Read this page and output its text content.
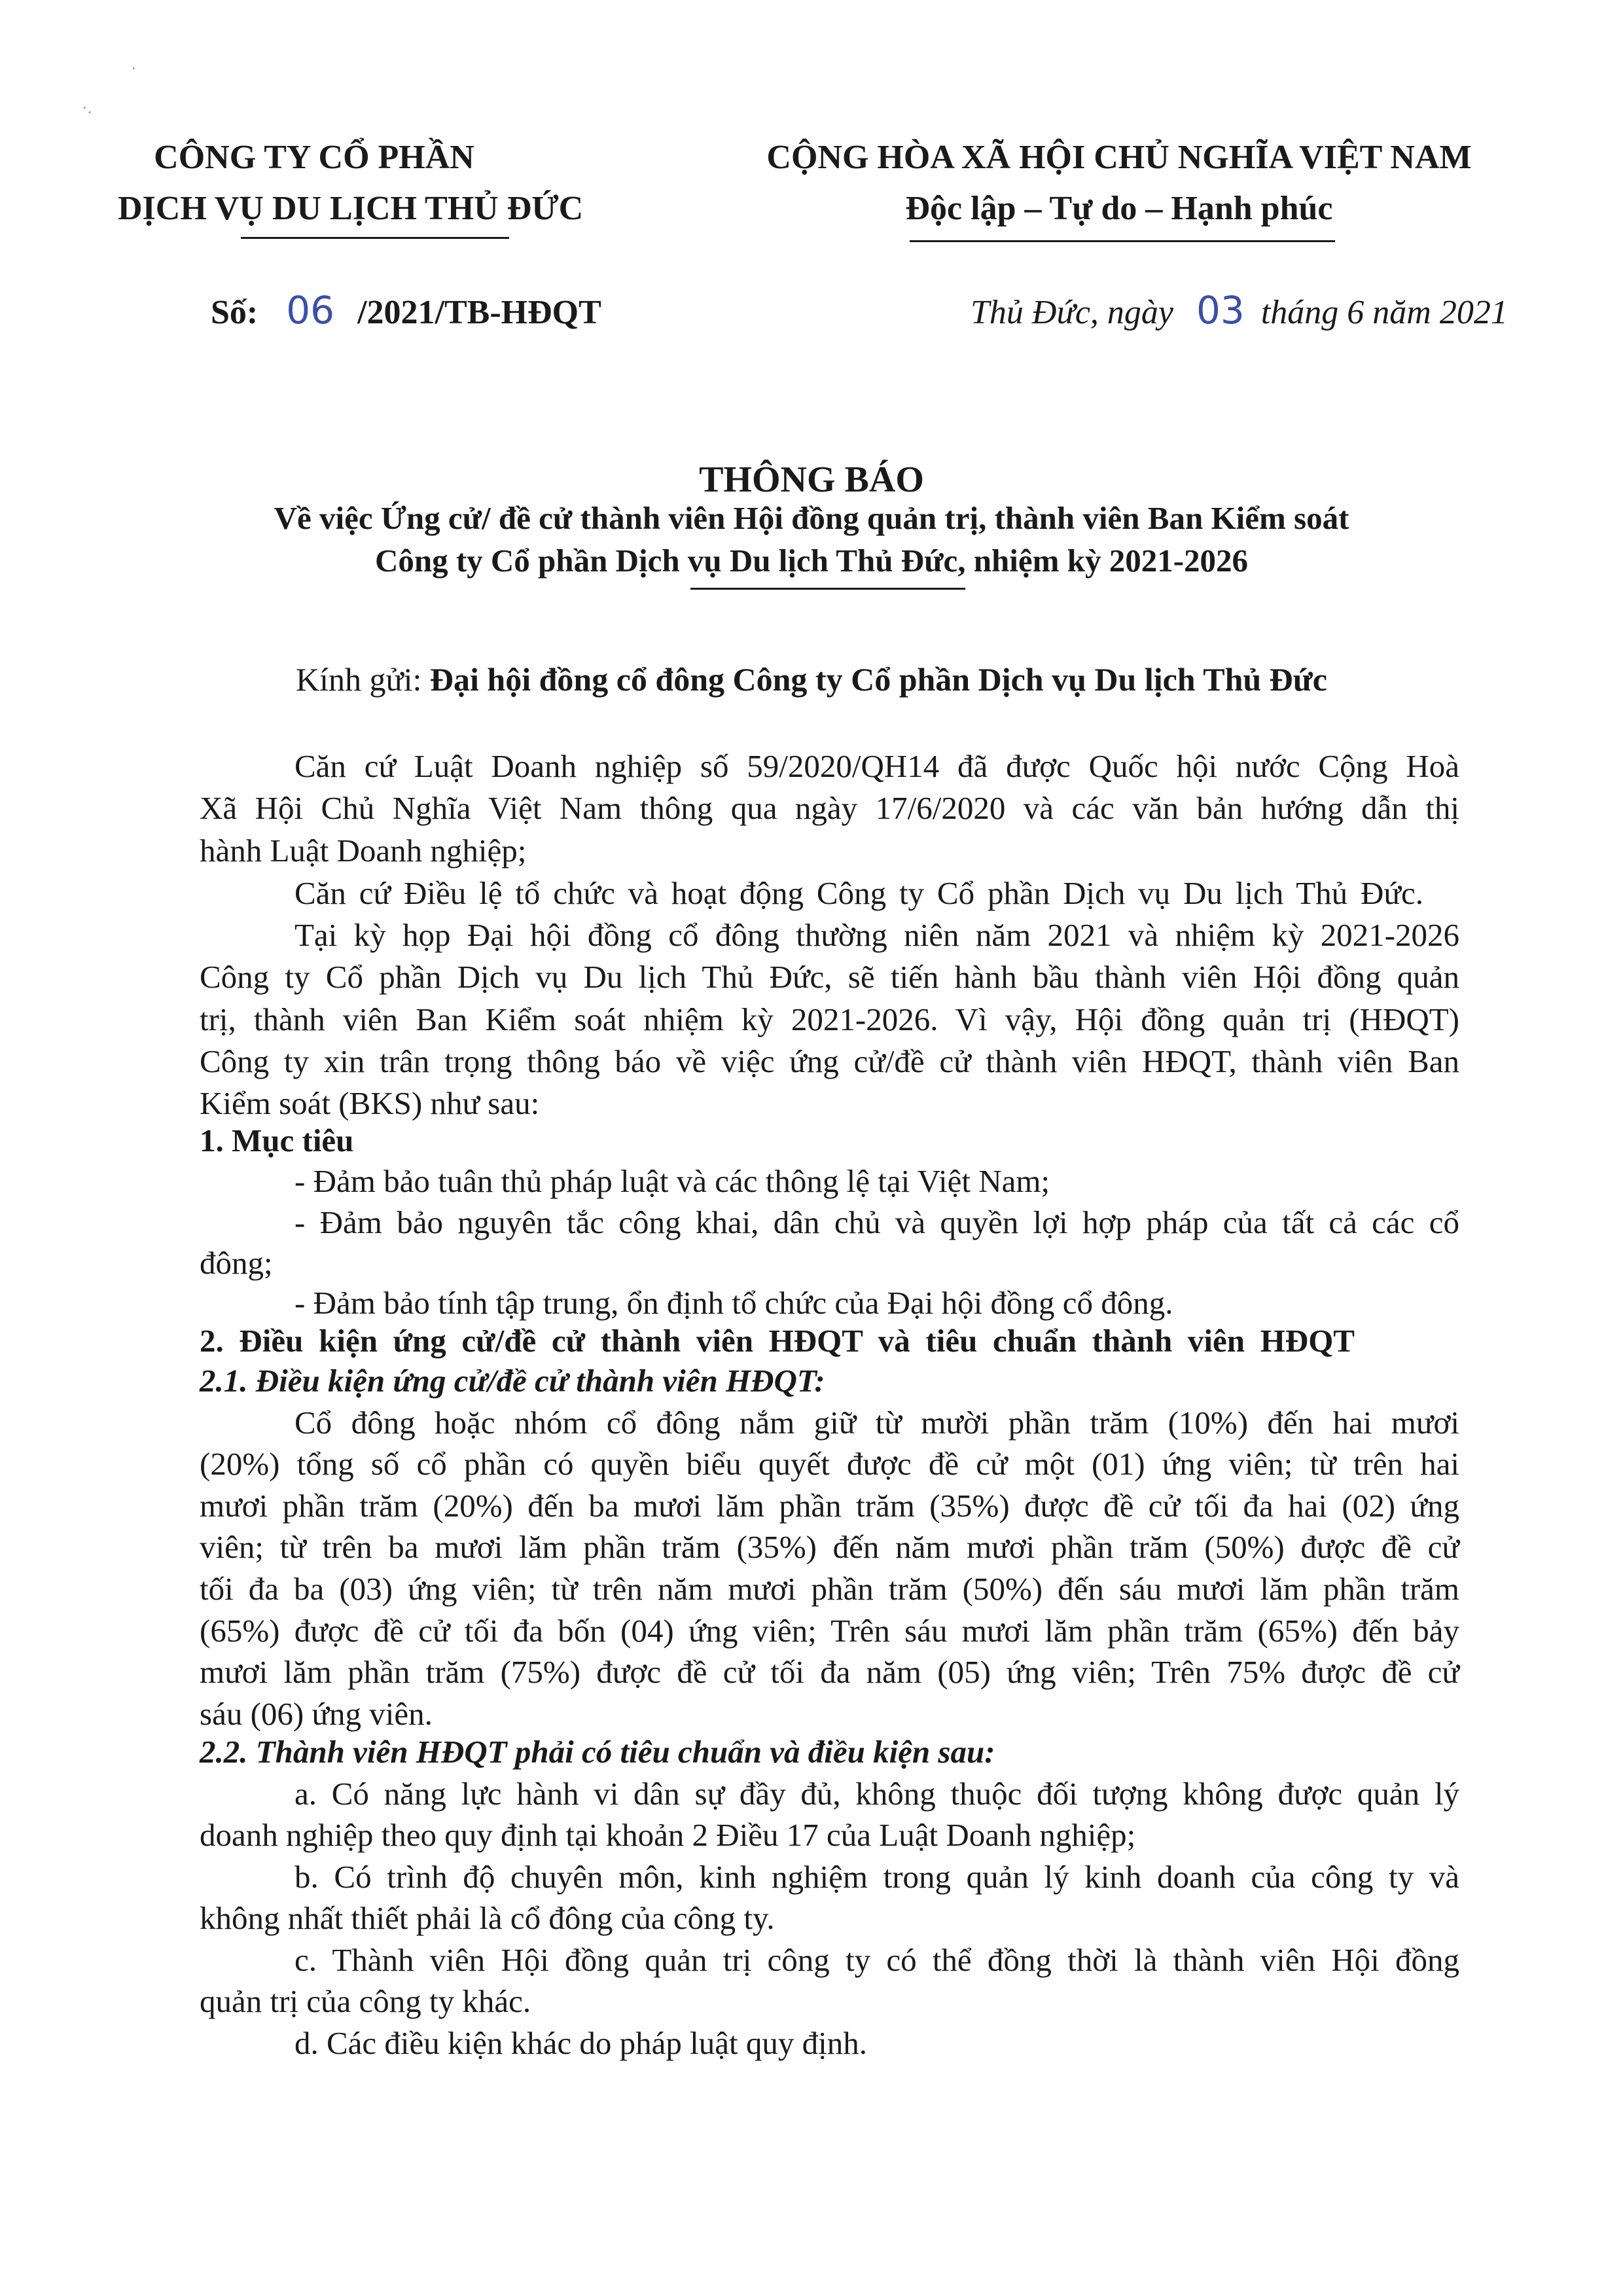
·
·.
CÔNG TY CỔ PHẦN
DỊCH VỤ DU LỊCH THỦ ĐỨC
CỘNG HÒA XÃ HỘI CHỦ NGHĨA VIỆT NAM
Độc lập – Tự do – Hạnh phúc
Số: 06 /2021/TB-HĐQT	Thủ Đức, ngày 03 tháng 6 năm 2021
THÔNG BÁO
Về việc Ứng cử/ đề cử thành viên Hội đồng quản trị, thành viên Ban Kiểm soát
Công ty Cổ phần Dịch vụ Du lịch Thủ Đức, nhiệm kỳ 2021-2026
Kính gửi: Đại hội đồng cổ đông Công ty Cổ phần Dịch vụ Du lịch Thủ Đức
Căn cứ Luật Doanh nghiệp số 59/2020/QH14 đã được Quốc hội nước Cộng Hoà
Xã Hội Chủ Nghĩa Việt Nam thông qua ngày 17/6/2020 và các văn bản hướng dẫn thị
hành Luật Doanh nghiệp;
Căn cứ Điều lệ tổ chức và hoạt động Công ty Cổ phần Dịch vụ Du lịch Thủ Đức.
Tại kỳ họp Đại hội đồng cổ đông thường niên năm 2021 và nhiệm kỳ 2021-2026
Công ty Cổ phần Dịch vụ Du lịch Thủ Đức, sẽ tiến hành bầu thành viên Hội đồng quản
trị, thành viên Ban Kiểm soát nhiệm kỳ 2021-2026. Vì vậy, Hội đồng quản trị (HĐQT)
Công ty xin trân trọng thông báo về việc ứng cử/đề cử thành viên HĐQT, thành viên Ban
Kiểm soát (BKS) như sau:
1. Mục tiêu
- Đảm bảo tuân thủ pháp luật và các thông lệ tại Việt Nam;
- Đảm bảo nguyên tắc công khai, dân chủ và quyền lợi hợp pháp của tất cả các cổ
đông;
- Đảm bảo tính tập trung, ổn định tổ chức của Đại hội đồng cổ đông.
2. Điều kiện ứng cử/đề cử thành viên HĐQT và tiêu chuẩn thành viên HĐQT
2.1. Điều kiện ứng cử/đề cử thành viên HĐQT:
Cổ đông hoặc nhóm cổ đông nắm giữ từ mười phần trăm (10%) đến hai mươi
(20%) tổng số cổ phần có quyền biểu quyết được đề cử một (01) ứng viên; từ trên hai
mươi phần trăm (20%) đến ba mươi lăm phần trăm (35%) được đề cử tối đa hai (02) ứng
viên; từ trên ba mươi lăm phần trăm (35%) đến năm mươi phần trăm (50%) được đề cử
tối đa ba (03) ứng viên; từ trên năm mươi phần trăm (50%) đến sáu mươi lăm phần trăm
(65%) được đề cử tối đa bốn (04) ứng viên; Trên sáu mươi lăm phần trăm (65%) đến bảy
mươi lăm phần trăm (75%) được đề cử tối đa năm (05) ứng viên; Trên 75% được đề cử
sáu (06) ứng viên.
2.2. Thành viên HĐQT phải có tiêu chuẩn và điều kiện sau:
a. Có năng lực hành vi dân sự đầy đủ, không thuộc đối tượng không được quản lý
doanh nghiệp theo quy định tại khoản 2 Điều 17 của Luật Doanh nghiệp;
b. Có trình độ chuyên môn, kinh nghiệm trong quản lý kinh doanh của công ty và
không nhất thiết phải là cổ đông của công ty.
c. Thành viên Hội đồng quản trị công ty có thể đồng thời là thành viên Hội đồng
quản trị của công ty khác.
d. Các điều kiện khác do pháp luật quy định.
